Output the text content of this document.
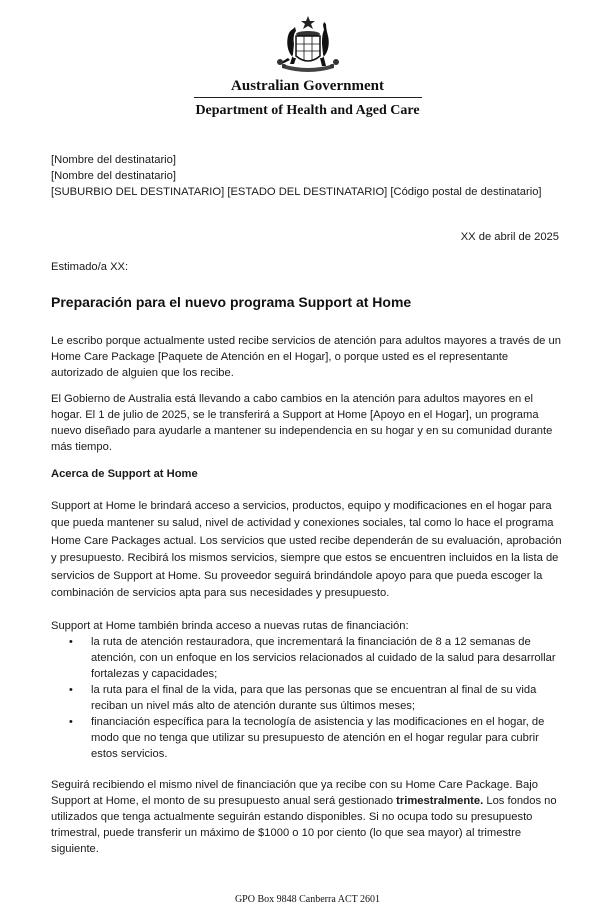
Australian Government
Department of Health and Aged Care
[Nombre del destinatario]
[Nombre del destinatario]
[SUBURBIO DEL DESTINATARIO] [ESTADO DEL DESTINATARIO] [Código postal de destinatario]
XX de abril de 2025
Estimado/a XX:
Preparación para el nuevo programa Support at Home
Le escribo porque actualmente usted recibe servicios de atención para adultos mayores a través de un Home Care Package [Paquete de Atención en el Hogar], o porque usted es el representante autorizado de alguien que los recibe.
El Gobierno de Australia está llevando a cabo cambios en la atención para adultos mayores en el hogar. El 1 de julio de 2025, se le transferirá a Support at Home [Apoyo en el Hogar], un programa nuevo diseñado para ayudarle a mantener su independencia en su hogar y en su comunidad durante más tiempo.
Acerca de Support at Home
Support at Home le brindará acceso a servicios, productos, equipo y modificaciones en el hogar para que pueda mantener su salud, nivel de actividad y conexiones sociales, tal como lo hace el programa Home Care Packages actual. Los servicios que usted recibe dependerán de su evaluación, aprobación y presupuesto. Recibirá los mismos servicios, siempre que estos se encuentren incluidos en la lista de servicios de Support at Home. Su proveedor seguirá brindándole apoyo para que pueda escoger la combinación de servicios apta para sus necesidades y presupuesto.
Support at Home también brinda acceso a nuevas rutas de financiación:
• la ruta de atención restauradora, que incrementará la financiación de 8 a 12 semanas de atención, con un enfoque en los servicios relacionados al cuidado de la salud para desarrollar fortalezas y capacidades;
• la ruta para el final de la vida, para que las personas que se encuentran al final de su vida reciban un nivel más alto de atención durante sus últimos meses;
• financiación específica para la tecnología de asistencia y las modificaciones en el hogar, de modo que no tenga que utilizar su presupuesto de atención en el hogar regular para cubrir estos servicios.
Seguirá recibiendo el mismo nivel de financiación que ya recibe con su Home Care Package. Bajo Support at Home, el monto de su presupuesto anual será gestionado trimestralmente. Los fondos no utilizados que tenga actualmente seguirán estando disponibles. Si no ocupa todo su presupuesto trimestral, puede transferir un máximo de $1000 o 10 por ciento (lo que sea mayor) al trimestre siguiente.
GPO Box 9848 Canberra ACT 2601
